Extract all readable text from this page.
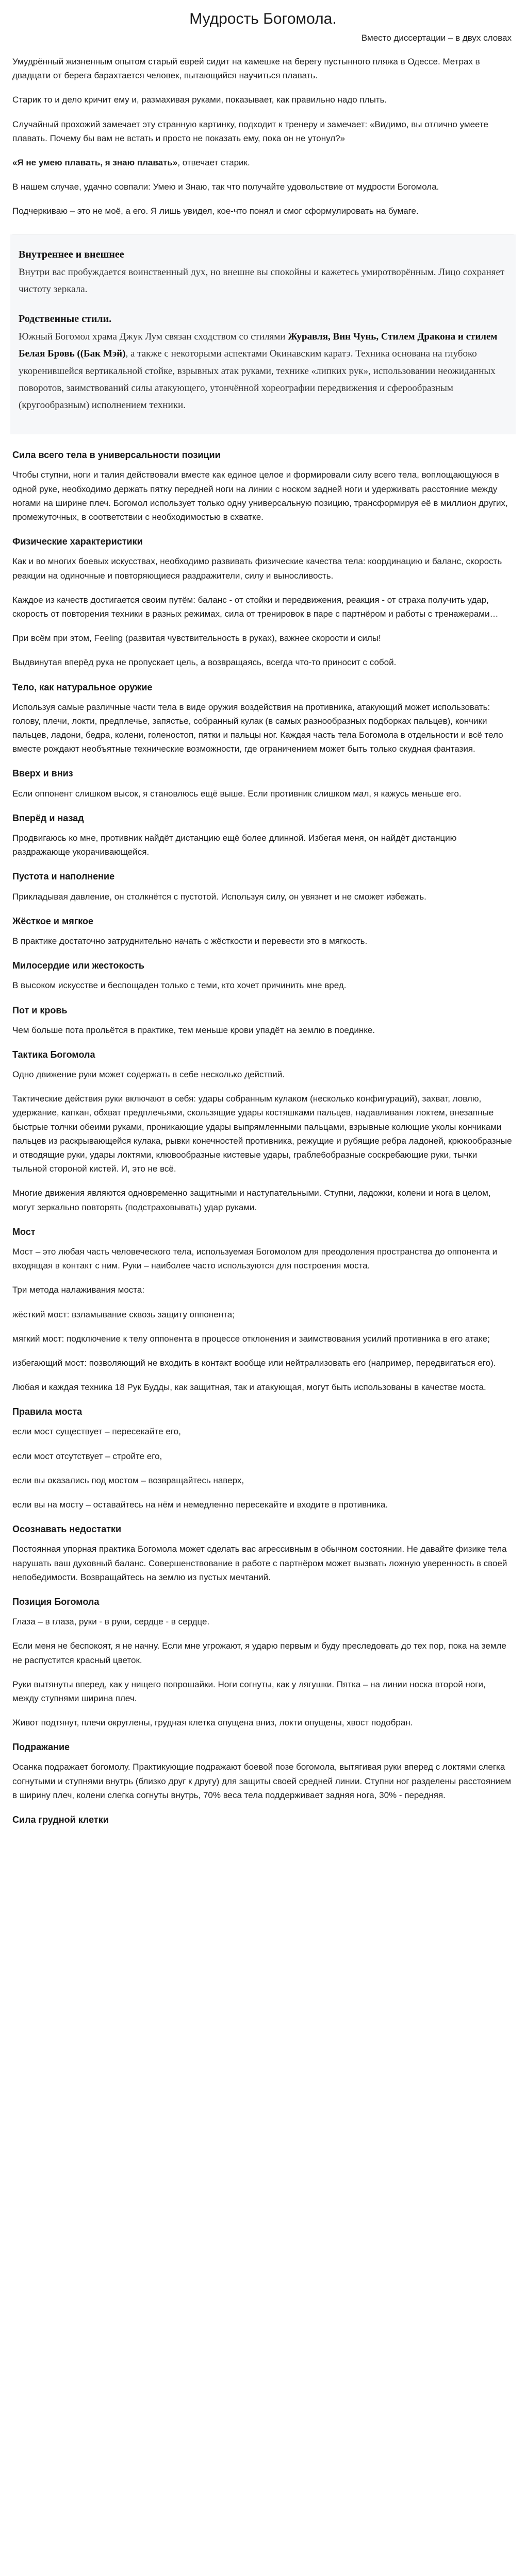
Мудрость Богомола.
Вместо диссертации – в двух словах

Умудрённый жизненным опытом старый еврей сидит на камешке на берегу пустынного пляжа в Одессе. Метрах в двадцати от берега барахтается человек, пытающийся научиться плавать.

Старик то и дело кричит ему и, размахивая руками, показывает, как правильно надо плыть.

Случайный прохожий замечает эту странную картинку, подходит к тренеру и замечает: «Видимо, вы отлично умеете плавать. Почему бы вам не встать и просто не показать ему, пока он не утонул?»

«Я не умею плавать, я знаю плавать», отвечает старик.

В нашем случае, удачно совпали: Умею и Знаю, так что получайте удовольствие от мудрости Богомола.

Подчеркиваю – это не моё, а его. Я лишь увидел, кое-что понял и смог сформулировать на бумаге.

Внутреннее и внешнее
Внутри вас пробуждается воинственный дух, но внешне вы спокойны и кажетесь умиротворённым. Лицо сохраняет чистоту зеркала.
Родственные стили.
Южный Богомол храма Джук Лум связан сходством со стилями Журавля, Вин Чунь, Стилем Дракона и стилем Белая Бровь ((Бак Мэй), а также с некоторыми аспектами Окинавским каратэ. Техника основана на глубоко укоренившейся вертикальной стойке, взрывных атак руками, технике «липких рук», использовании неожиданных поворотов, заимствований силы атакующего, утончённой хореографии передвижения и сферообразным (кругообразным) исполнением техники.
Сила всего тела в универсальности позиции

Чтобы ступни, ноги и талия действовали вместе как единое целое и формировали силу всего тела, воплощающуюся в одной руке, необходимо держать пятку передней ноги на линии с носком задней ноги и удерживать расстояние между ногами на ширине плеч. Богомол использует только одну универсальную позицию, трансформируя её в миллион других, промежуточных, в соответствии с необходимостью в схватке.

Физические характеристики

Как и во многих боевых искусствах, необходимо развивать физические качества тела: координацию и баланс, скорость реакции на одиночные и повторяющиеся раздражители, силу и выносливость.

Каждое из качеств достигается своим путём: баланс - от стойки и передвижения, реакция - от страха получить удар, скорость от повторения техники в разных режимах, сила от тренировок в паре с партнёром и работы с тренажерами…

При всём при этом, Feeling (развитая чувствительность в руках), важнее скорости и силы!

Выдвинутая вперёд рука не пропускает цель, а возвращаясь, всегда что-то приносит с собой.

Тело, как натуральное оружие

Используя самые различные части тела в виде оружия воздействия на противника, атакующий может использовать: голову, плечи, локти, предплечье, запястье, собранный кулак (в самых разнообразных подборках пальцев), кончики пальцев, ладони, бедра, колени, голеностоп, пятки и пальцы ног. Каждая часть тела Богомола в отдельности и всё тело вместе рождают необъятные технические возможности, где ограничением может быть только скудная фантазия.

Вверх и вниз

Если оппонент слишком высок, я становлюсь ещё выше. Если противник слишком мал, я кажусь меньше его.

Вперёд и назад

Продвигаюсь ко мне, противник найдёт дистанцию ещё более длинной. Избегая меня, он найдёт дистанцию раздражающе укорачивающейся.

Пустота и наполнение

Прикладывая давление, он столкнётся с пустотой. Используя силу, он увязнет и не сможет избежать.

Жёсткое и мягкое

В практике достаточно затруднительно начать с жёсткости и перевести это в мягкость.

Милосердие или жестокость

В высоком искусстве и беспощаден только с теми, кто хочет причинить мне вред.

Пот и кровь

Чем больше пота прольётся в практике, тем меньше крови упадёт на землю в поединке.

Тактика Богомола

Одно движение руки может содержать в себе несколько действий.

Тактические действия руки включают в себя: удары собранным кулаком (несколько конфигураций), захват, ловлю, удержание, капкан, обхват предплечьями, скользящие удары костяшками пальцев, надавливания локтем, внезапные быстрые толчки обеими руками, проникающие удары выпрямленными пальцами, взрывные колющие уколы кончиками пальцев из раскрывающейся кулака, рывки конечностей противника, режущие и рубящие ребра ладоней, крюкообразные и отводящие руки, удары локтями, клювообразные кистевые удары, грабле6образные соскребающие руки, тычки тыльной стороной кистей. И, это не всё.

Многие движения являются одновременно защитными и наступательными. Ступни, ладожки, колени и нога в целом, могут зеркально повторять (подстраховывать) удар руками.

Мост

Мост – это любая часть человеческого тела, используемая Богомолом для преодоления пространства до оппонента и входящая в контакт с ним. Руки – наиболее часто используются для построения моста.

Три метода налаживания моста:

жёсткий мост: взламывание сквозь защиту оппонента;

мягкий мост: подключение к телу оппонента в процессе отклонения и заимствования усилий противника в его атаке;

избегающий мост: позволяющий не входить в контакт вообще или нейтрализовать его (например, передвигаться его).

Любая и каждая техника 18 Рук Будды, как защитная, так и атакующая, могут быть использованы в качестве моста.

Правила моста

если мост существует – пересекайте его,

если мост отсутствует – стройте его,

если вы оказались под мостом – возвращайтесь наверх,

если вы на мосту – оставайтесь на нём и немедленно пересекайте и входите в противника.

Осознавать недостатки

Постоянная упорная практика Богомола может сделать вас агрессивным в обычном состоянии. Не давайте физике тела нарушать ваш духовный баланс. Совершенствование в работе с партнёром может вызвать ложную уверенность в своей непобедимости. Возвращайтесь на землю из пустых мечтаний.

Позиция Богомола

Глаза – в глаза, руки - в руки, сердце - в сердце.

Если меня не беспокоят, я не начну. Если мне угрожают, я ударю первым и буду преследовать до тех пор, пока на земле не распустится красный цветок.

Руки вытянуты вперед, как у нищего попрошайки. Ноги согнуты, как у лягушки. Пятка – на линии носка второй ноги, между ступнями ширина плеч.

Живот подтянут, плечи округлены, грудная клетка опущена вниз, локти опущены, хвост подобран.

Подражание

Осанка подражает богомолу. Практикующие подражают боевой позе богомола, вытягивая руки вперед с локтями слегка согнутыми и ступнями внутрь (близко друг к другу) для защиты своей средней линии. Ступни ног разделены расстоянием в ширину плеч, колени слегка согнуты внутрь, 70% веса тела поддерживает задняя нога, 30% - передняя.

Сила грудной клетки
